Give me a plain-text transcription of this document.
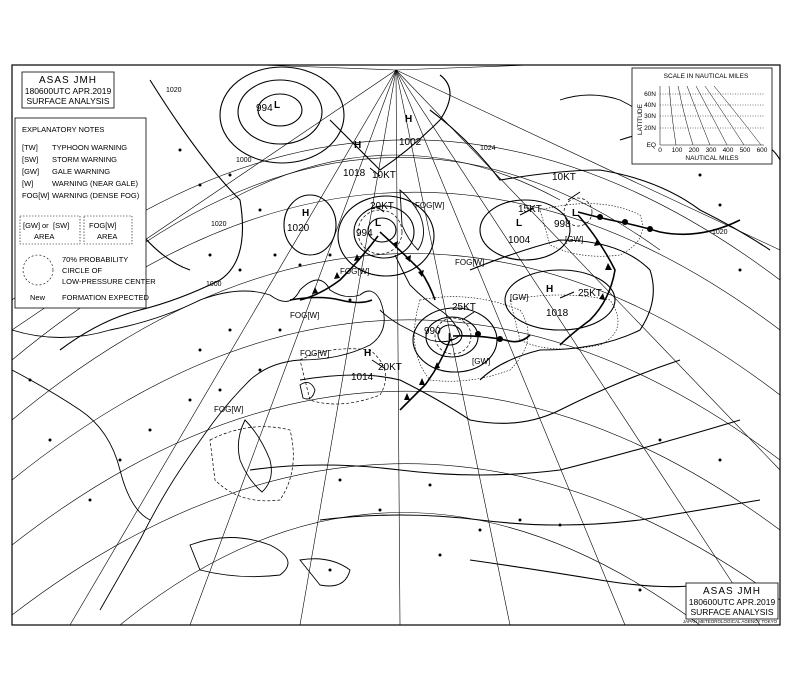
ASAS JMH
180600UTC APR.2019
SURFACE ANALYSIS
EXPLANATORY NOTES
[TW] TYPHOON WARNING
[SW] STORM WARNING
[GW] GALE WARNING
[W]	WARNING (NEAR GALE)
FOG[W] WARNING (DENSE FOG)
[GW] or [SW]
AREA
FOG[W]
AREA
70% PROBABILITY
CIRCLE OF
LOW-PRESSURE CENTER
New FORMATION EXPECTED
SCALE IN NAUTICAL MILES
LATITUDE
60N
40N
30N
20N
EQ
0 100 200 300 400 500 600
NAUTICAL MILES
L
994
H
1020	L
994
H
1018
H
1002
L
1004
L
998
H
1018
L
990
H
1014
20KT
10KT
15KT
10KT
25KT
25KT
20KT
FOG[W]
FOG[W]
FOG[W]
FOG[W]
FOG[W]
FOG[W]
[GW]
[GW]
[GW]
1020
1000
1020
1024
1000
1020
ASAS JMH
180600UTC APR.2019
SURFACE ANALYSIS
JAPAN METEOROLOGICAL AGENCY TOKYO
